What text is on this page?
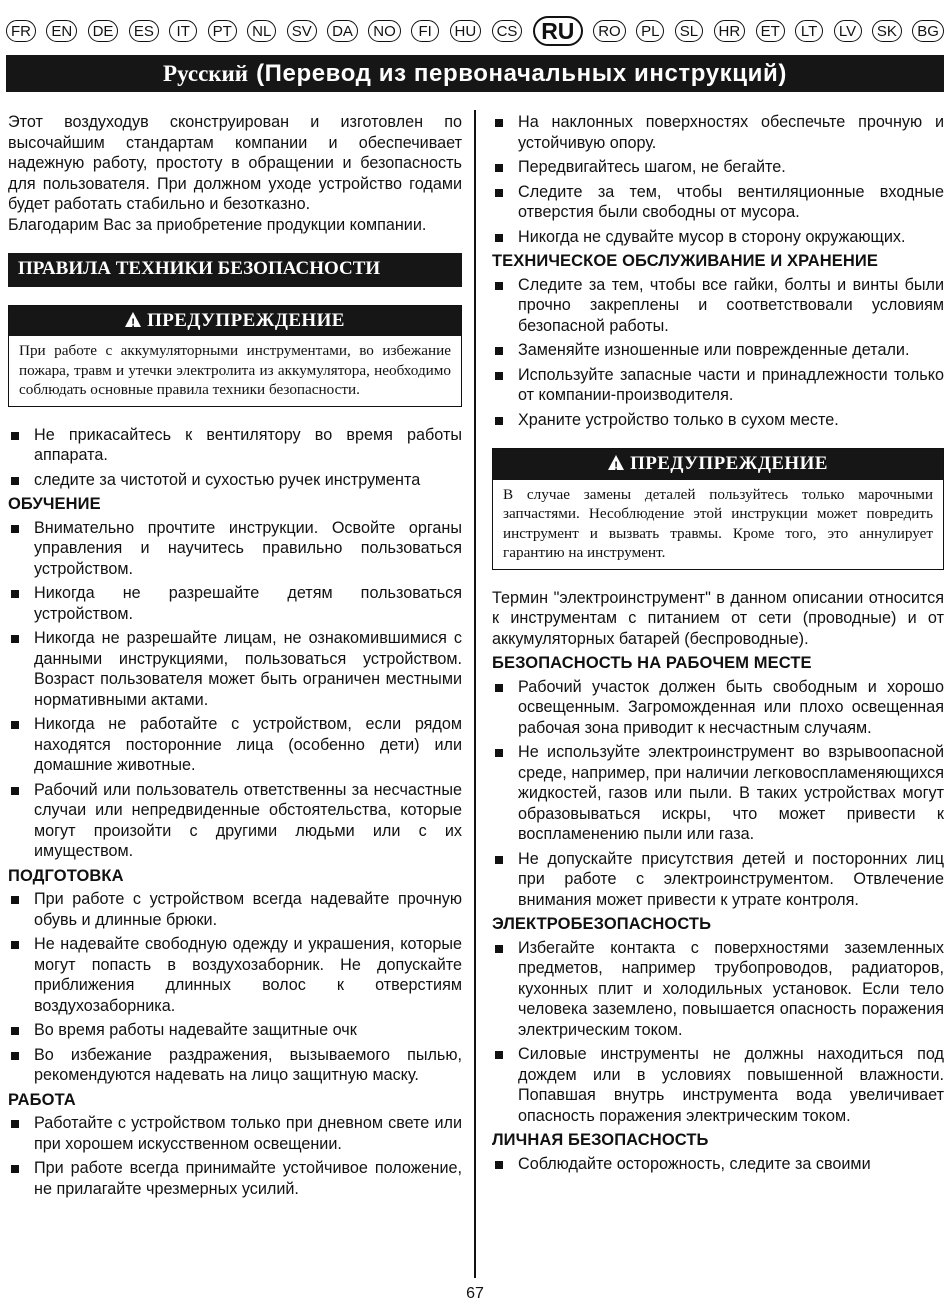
FR	EN	DE	ES	IT	PT	NL	SV	DA	NO	FI	HU	CS	RU	RO	PL	SL	HR	ET	LT	LV	SK	BG
Русский (Перевод из первоначальных инструкций)

Этот воздуходув сконструирован и изготовлен по высочайшим стандартам компании и обеспечивает надежную работу, простоту в обращении и безопасность для пользователя. При должном уходе устройство годами будет работать стабильно и безотказно.

Благодарим Вас за приобретение продукции компании.

ПРАВИЛА ТЕХНИКИ БЕЗОПАСНОСТИ
!ПРЕДУПРЕЖДЕНИЕ
При работе с аккумуляторными инструментами, во избежание пожара, травм и утечки электролита из аккумулятора, необходимо соблюдать основные правила техники безопасности.
Не прикасайтесь к вентилятору во время работы аппарата.
следите за чистотой и сухостью ручек инструмента
ОБУЧЕНИЕ
Внимательно прочтите инструкции. Освойте органы управления и научитесь правильно пользоваться устройством.
Никогда не разрешайте детям пользоваться устройством.
Никогда не разрешайте лицам, не ознакомившимися с данными инструкциями, пользоваться устройством. Возраст пользователя может быть ограничен местными нормативными актами.
Никогда не работайте с устройством, если рядом находятся посторонние лица (особенно дети) или домашние животные.
Рабочий или пользователь ответственны за несчастные случаи или непредвиденные обстоятельства, которые могут произойти с другими людьми или с их имуществом.
ПОДГОТОВКА
При работе с устройством всегда надевайте прочную обувь и длинные брюки.
Не надевайте свободную одежду и украшения, которые могут попасть в воздухозаборник. Не допускайте приближения длинных волос к отверстиям воздухозаборника.
Во время работы надевайте защитные очк
Во избежание раздражения, вызываемого пылью, рекомендуются надевать на лицо защитную маску.
РАБОТА
Работайте с устройством только при дневном свете или при хорошем искусственном освещении.
При работе всегда принимайте устойчивое положение, не прилагайте чрезмерных усилий.
На наклонных поверхностях обеспечьте прочную и устойчивую опору.
Передвигайтесь шагом, не бегайте.
Следите за тем, чтобы вентиляционные входные отверстия были свободны от мусора.
Никогда не сдувайте мусор в сторону окружающих.
ТЕХНИЧЕСКОЕ ОБСЛУЖИВАНИЕ И ХРАНЕНИЕ
Следите за тем, чтобы все гайки, болты и винты были прочно закреплены и соответствовали условиям безопасной работы.
Заменяйте изношенные или поврежденные детали.
Используйте запасные части и принадлежности только от компании-производителя.
Храните устройство только в сухом месте.
!ПРЕДУПРЕЖДЕНИЕ
В случае замены деталей пользуйтесь только марочными запчастями. Несоблюдение этой инструкции может повредить инструмент и вызвать травмы. Кроме того, это аннулирует гарантию на инструмент.

Термин "электроинструмент" в данном описании относится к инструментам с питанием от сети (проводные) и от аккумуляторных батарей (беспроводные).

БЕЗОПАСНОСТЬ НА РАБОЧЕМ МЕСТЕ
Рабочий участок должен быть свободным и хорошо освещенным. Загроможденная или плохо освещенная рабочая зона приводит к несчастным случаям.
Не используйте электроинструмент во взрывоопасной среде, например, при наличии легковоспламеняющихся жидкостей, газов или пыли. В таких устройствах могут образовываться искры, что может привести к воспламенению пыли или газа.
Не допускайте присутствия детей и посторонних лиц при работе с электроинструментом. Отвлечение внимания может привести к утрате контроля.
ЭЛЕКТРОБЕЗОПАСНОСТЬ
Избегайте контакта с поверхностями заземленных предметов, например трубопроводов, радиаторов, кухонных плит и холодильных установок. Если тело человека заземлено, повышается опасность поражения электрическим током.
Силовые инструменты не должны находиться под дождем или в условиях повышенной влажности. Попавшая внутрь инструмента вода увеличивает опасность поражения электрическим током.
ЛИЧНАЯ БЕЗОПАСНОСТЬ
Соблюдайте осторожность, следите за своими
67
